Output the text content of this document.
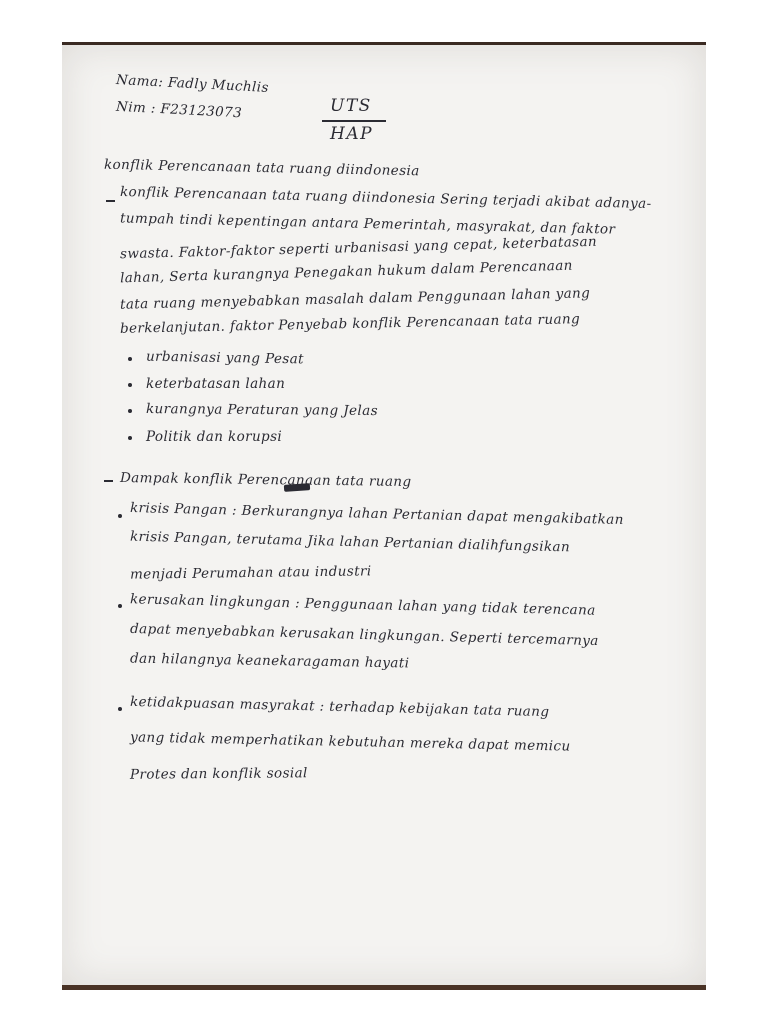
Nama: Fadly Muchlis
Nim : F23123073	UTS
HAP
konflik Perencanaan tata ruang diindonesia
konflik Perencanaan tata ruang diindonesia Sering terjadi akibat adanya-
tumpah tindi kepentingan antara Pemerintah, masyrakat, dan faktor
swasta. Faktor-faktor seperti urbanisasi yang cepat, keterbatasan
lahan, Serta kurangnya Penegakan hukum dalam Perencanaan
tata ruang menyebabkan masalah dalam Penggunaan lahan yang
berkelanjutan. faktor Penyebab konflik Perencanaan tata ruang
urbanisasi yang Pesat
keterbatasan lahan
kurangnya Peraturan yang Jelas
Politik dan korupsi
Dampak konflik Perencanaan tata ruang
krisis Pangan : Berkurangnya lahan Pertanian dapat mengakibatkan
krisis Pangan, terutama Jika lahan Pertanian dialihfungsikan
menjadi Perumahan atau industri
kerusakan lingkungan : Penggunaan lahan yang tidak terencana
dapat menyebabkan kerusakan lingkungan. Seperti tercemarnya
dan hilangnya keanekaragaman hayati
ketidakpuasan masyrakat : terhadap kebijakan tata ruang
yang tidak memperhatikan kebutuhan mereka dapat memicu
Protes dan konflik sosial
